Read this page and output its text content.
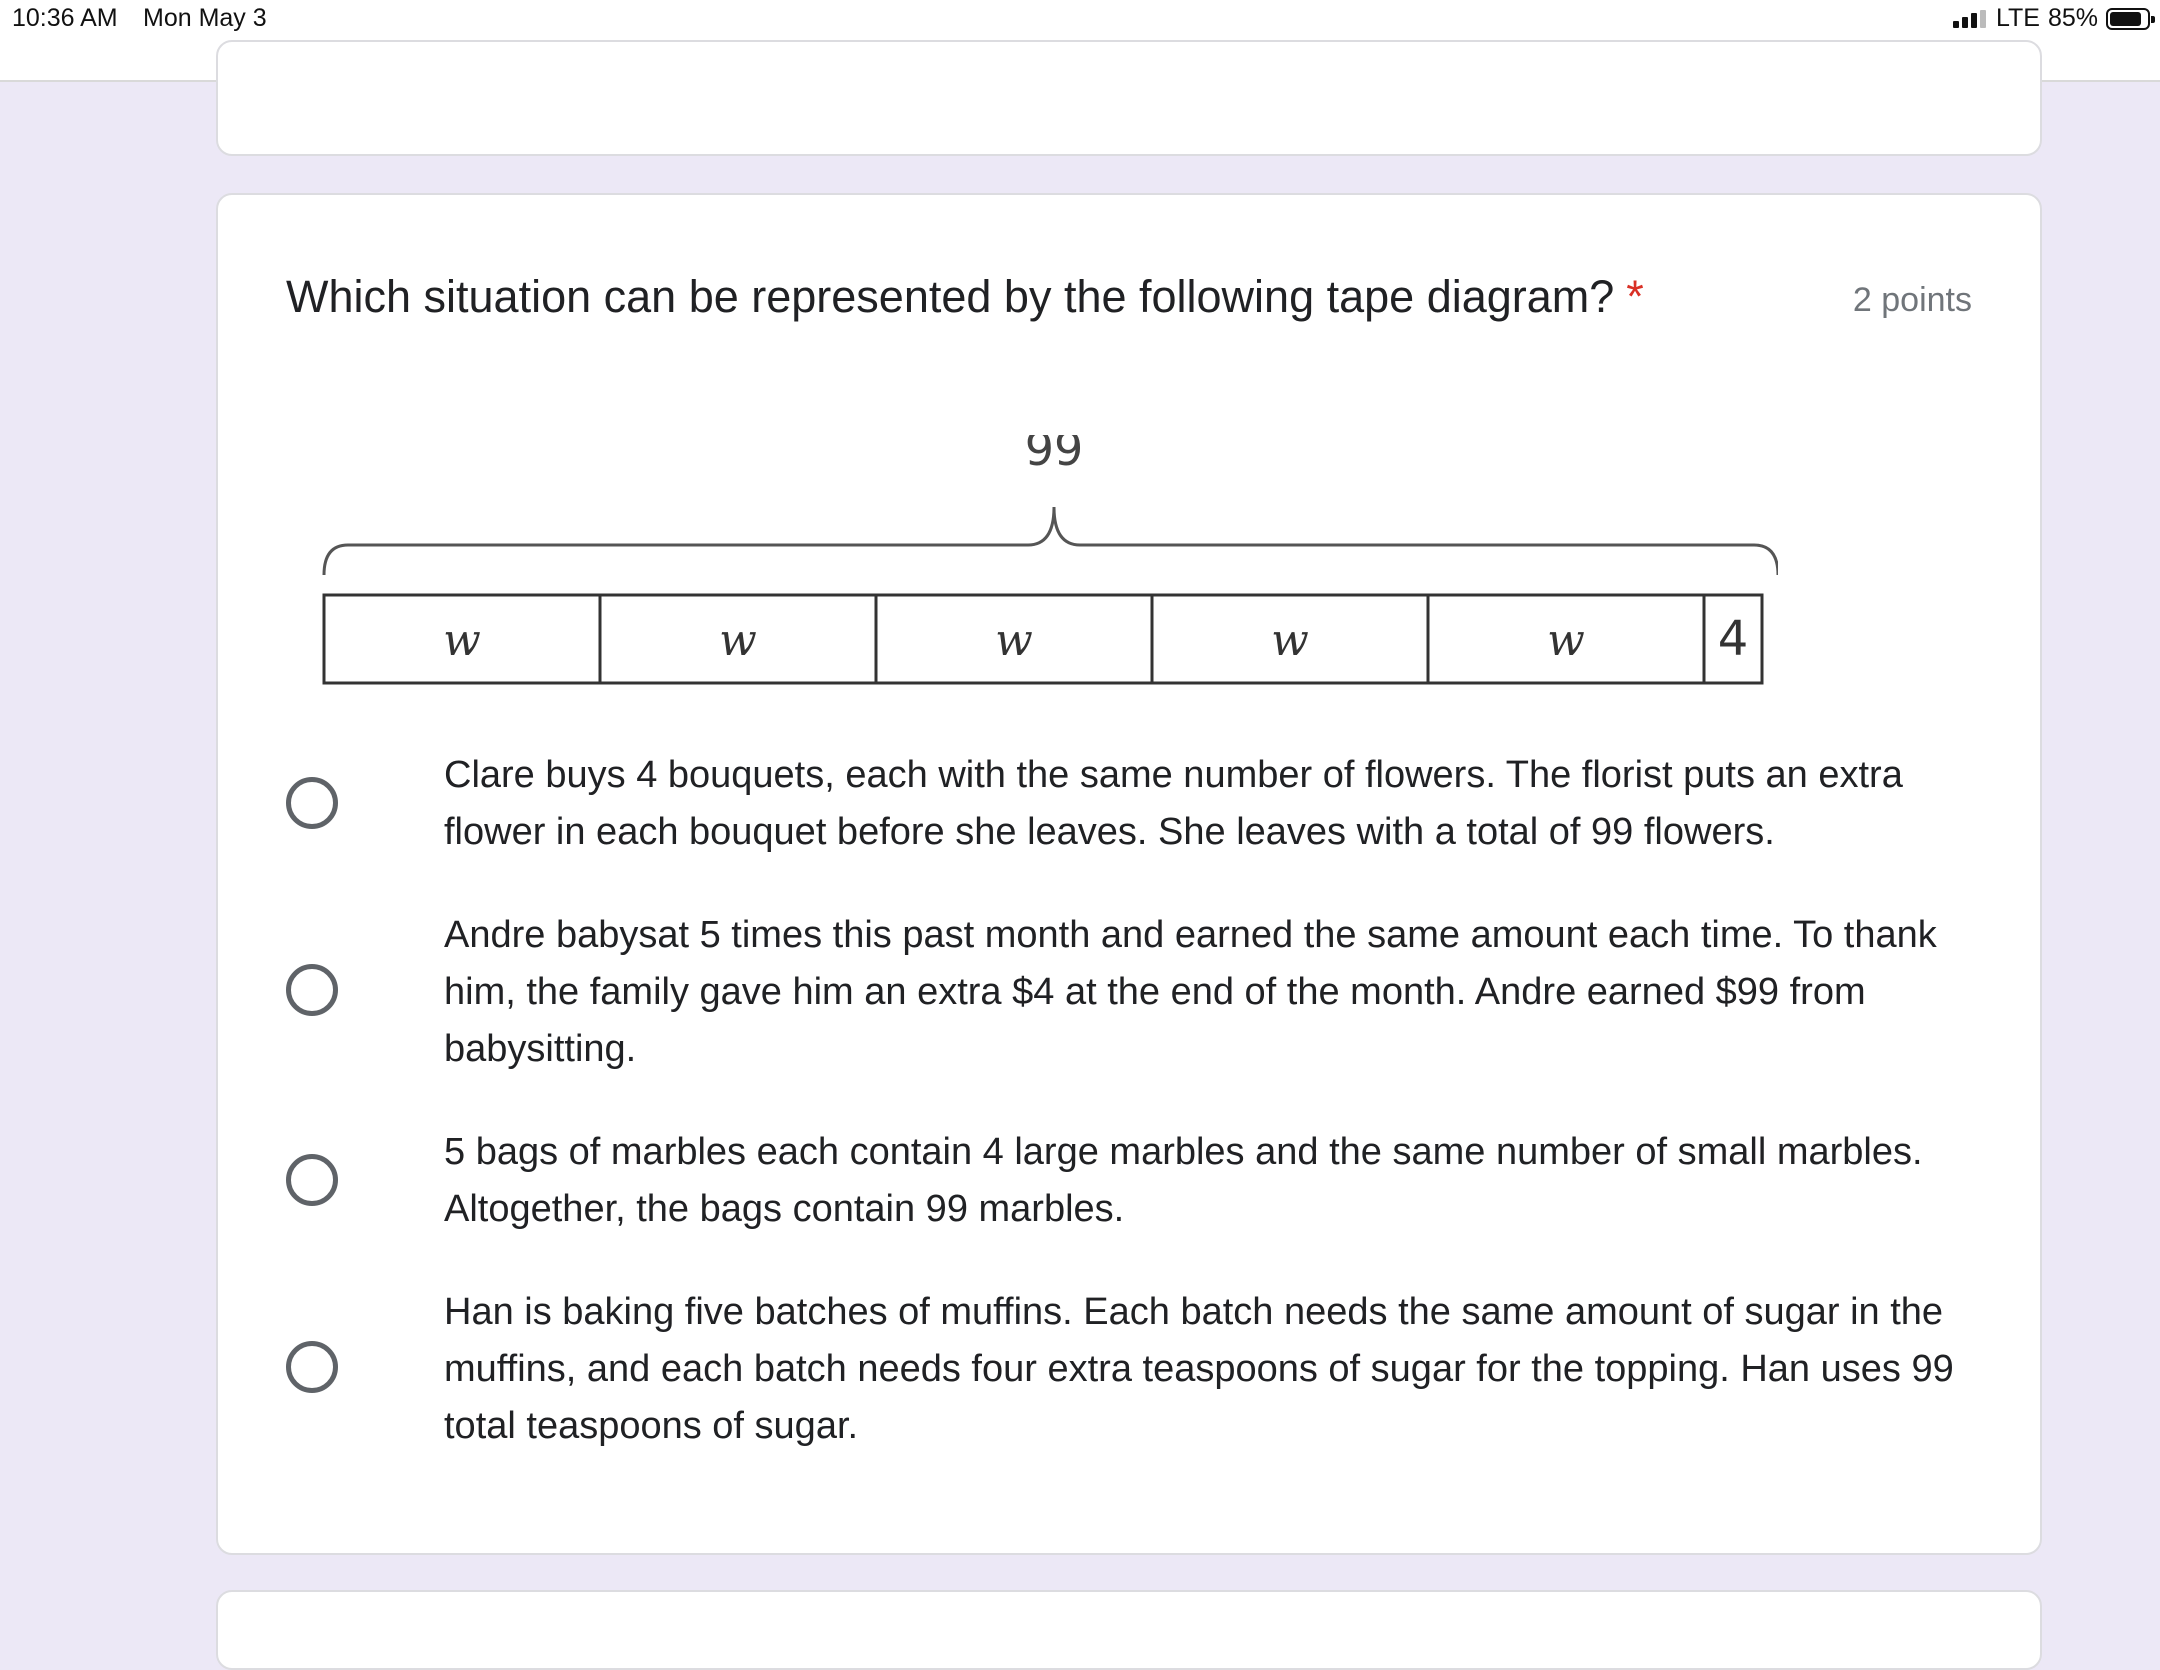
10:36 AM Mon May 3	LTE 85%
Which situation can be represented by the following tape diagram? *	2 points
99
w	w	w	w	w	4
Clare buys 4 bouquets, each with the same number of flowers. The florist puts an extra flower in each bouquet before she leaves. She leaves with a total of 99 flowers.
Andre babysat 5 times this past month and earned the same amount each time. To thank him, the family gave him an extra $4 at the end of the month. Andre earned $99 from babysitting.
5 bags of marbles each contain 4 large marbles and the same number of small marbles. Altogether, the bags contain 99 marbles.
Han is baking five batches of muffins. Each batch needs the same amount of sugar in the muffins, and each batch needs four extra teaspoons of sugar for the topping. Han uses 99 total teaspoons of sugar.
